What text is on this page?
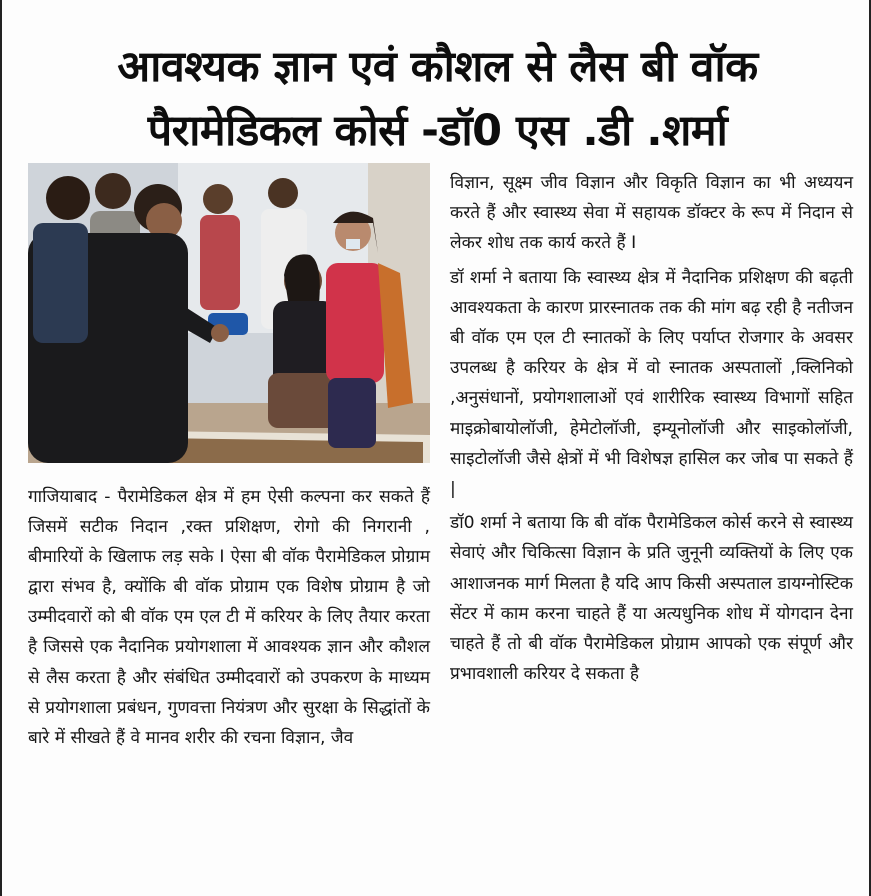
आवश्यक ज्ञान एवं कौशल से लैस बी वॉक
पैरामेडिकल कोर्स -डॉ0 एस .डी .शर्मा

गाजियाबाद - पैरामेडिकल क्षेत्र में हम ऐसी कल्पना कर सकते हैं जिसमें सटीक निदान ,रक्त प्रशिक्षण, रोगो की निगरानी , बीमारियों के खिलाफ लड़ सके I ऐसा बी वॉक पैरामेडिकल प्रोग्राम द्वारा संभव है, क्योंकि बी वॉक प्रोग्राम एक विशेष प्रोग्राम है जो उम्मीदवारों को बी वॉक एम एल टी में करियर के लिए तैयार करता है जिससे एक नैदानिक प्रयोगशाला में आवश्यक ज्ञान और कौशल से लैस करता है और संबंधित उम्मीदवारों को उपकरण के माध्यम से प्रयोगशाला प्रबंधन, गुणवत्ता नियंत्रण और सुरक्षा के सिद्धांतों के बारे में सीखते हैं वे मानव शरीर की रचना विज्ञान, जैव

विज्ञान, सूक्ष्म जीव विज्ञान और विकृति विज्ञान का भी अध्ययन करते हैं और स्वास्थ्य सेवा में सहायक डॉक्टर के रूप में निदान से लेकर शोध तक कार्य करते हैं I

डॉ शर्मा ने बताया कि स्वास्थ्य क्षेत्र में नैदानिक प्रशिक्षण की बढ़ती आवश्यकता के कारण प्रारस्नातक तक की मांग बढ़ रही है नतीजन बी वॉक एम एल टी स्नातकों के लिए पर्याप्त रोजगार के अवसर उपलब्ध है करियर के क्षेत्र में वो स्नातक अस्पतालों ,क्लिनिको ,अनुसंधानों, प्रयोगशालाओं एवं शारीरिक स्वास्थ्य विभागों सहित माइक्रोबायोलॉजी, हेमेटोलॉजी, इम्यूनोलॉजी और साइकोलॉजी, साइटोलॉजी जैसे क्षेत्रों में भी विशेषज्ञ हासिल कर जोब पा सकते हैं |

डॉ0 शर्मा ने बताया कि बी वॉक पैरामेडिकल कोर्स करने से स्वास्थ्य सेवाएं और चिकित्सा विज्ञान के प्रति जुनूनी व्यक्तियों के लिए एक आशाजनक मार्ग मिलता है यदि आप किसी अस्पताल डायग्नोस्टिक सेंटर में काम करना चाहते हैं या अत्यधुनिक शोध में योगदान देना चाहते हैं तो बी वॉक पैरामेडिकल प्रोग्राम आपको एक संपूर्ण और प्रभावशाली करियर दे सकता है
